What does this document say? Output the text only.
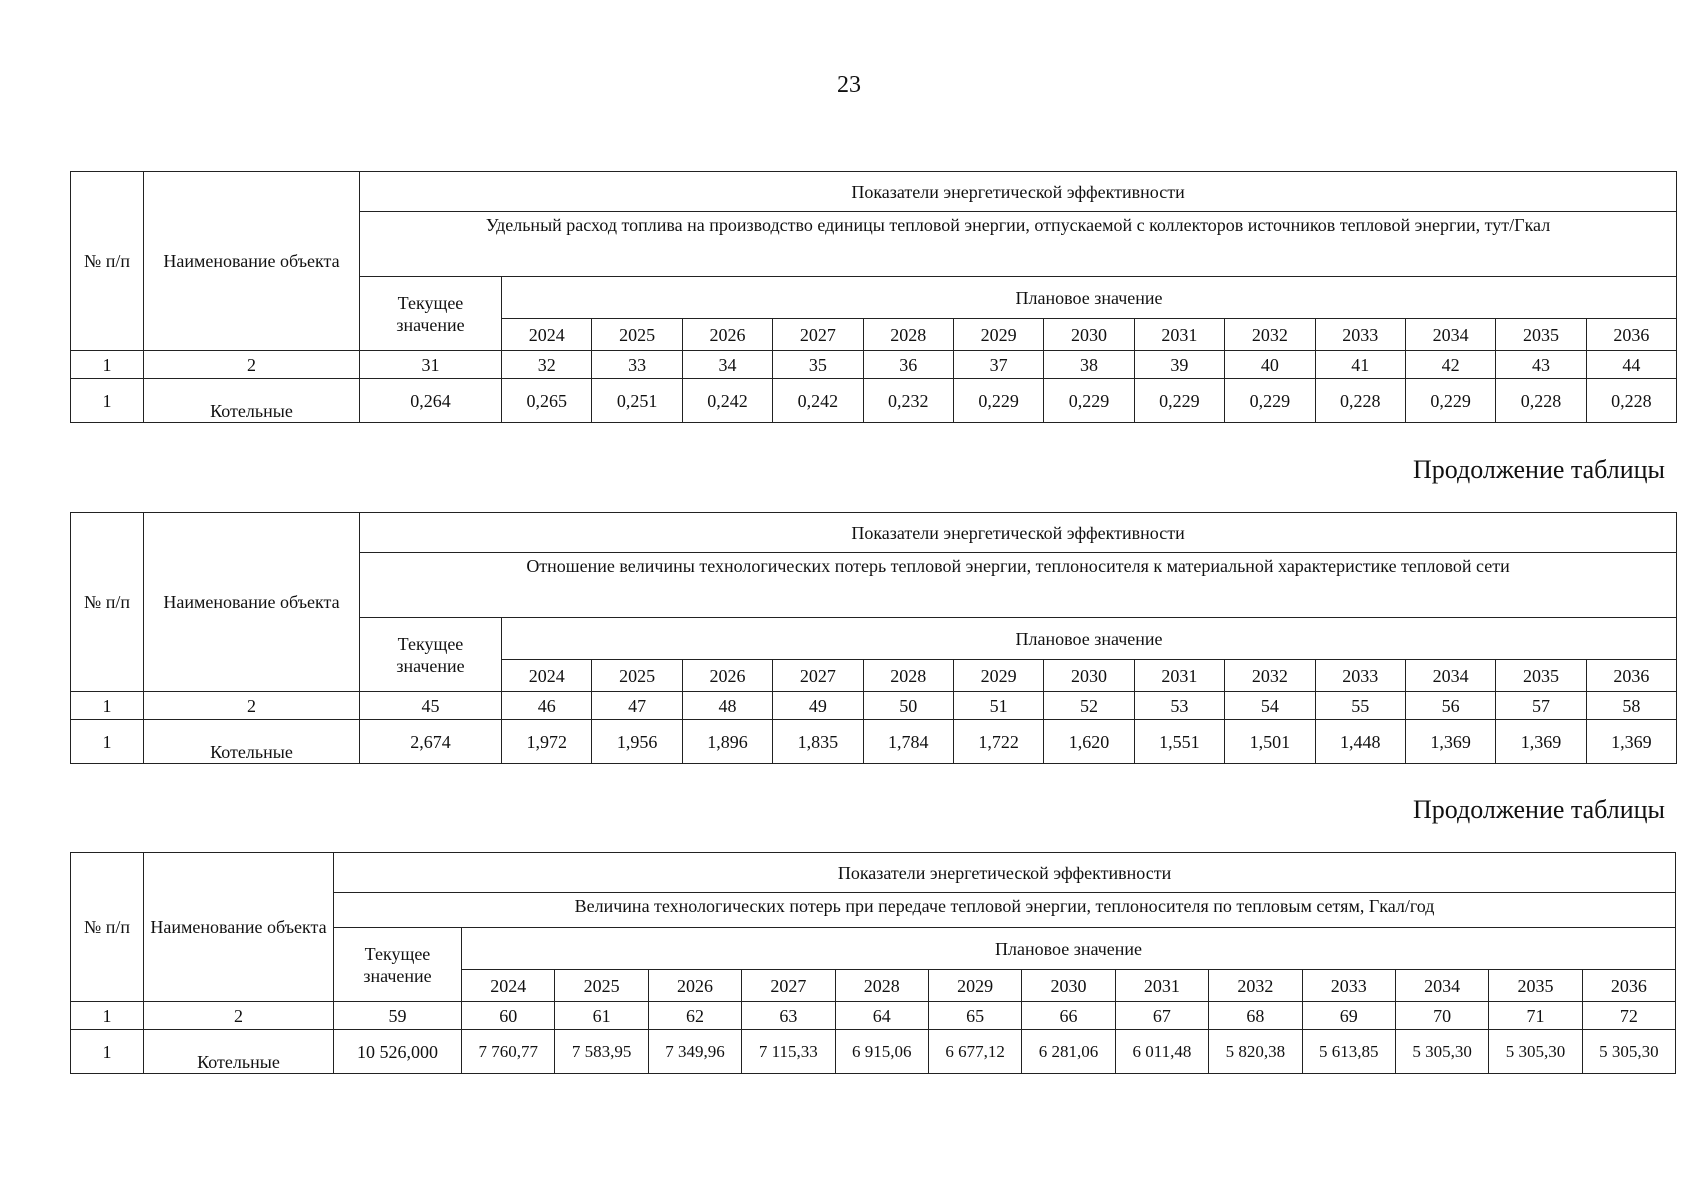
23
Продолжение таблицы
Продолжение таблицы
№ п/п	Наименование объекта	Показатели энергетической эффективности													
		Удельный расход топлива на производство единицы тепловой энергии, отпускаемой с коллекторов источников тепловой энергии, тут/Гкал													
		Текущее значение	Плановое значение												
			2024	2025	2026	2027	2028	2029	2030	2031	2032	2033	2034	2035	2036
1	2	31	32	33	34	35	36	37	38	39	40	41	42	43	44
1	Котельные	0,264	0,265	0,251	0,242	0,242	0,232	0,229	0,229	0,229	0,229	0,228	0,229	0,228	0,228
№ п/п	Наименование объекта	Показатели энергетической эффективности													
		Отношение величины технологических потерь тепловой энергии, теплоносителя к материальной характеристике тепловой сети													
		Текущее значение	Плановое значение												
			2024	2025	2026	2027	2028	2029	2030	2031	2032	2033	2034	2035	2036
1	2	45	46	47	48	49	50	51	52	53	54	55	56	57	58
1	Котельные	2,674	1,972	1,956	1,896	1,835	1,784	1,722	1,620	1,551	1,501	1,448	1,369	1,369	1,369
№ п/п	Наименование объекта	Показатели энергетической эффективности													
		Величина технологических потерь при передаче тепловой энергии, теплоносителя по тепловым сетям, Гкал/год													
		Текущее значение	Плановое значение												
			2024	2025	2026	2027	2028	2029	2030	2031	2032	2033	2034	2035	2036
1	2	59	60	61	62	63	64	65	66	67	68	69	70	71	72
1	Котельные	10 526,000	7 760,77	7 583,95	7 349,96	7 115,33	6 915,06	6 677,12	6 281,06	6 011,48	5 820,38	5 613,85	5 305,30	5 305,30	5 305,30
